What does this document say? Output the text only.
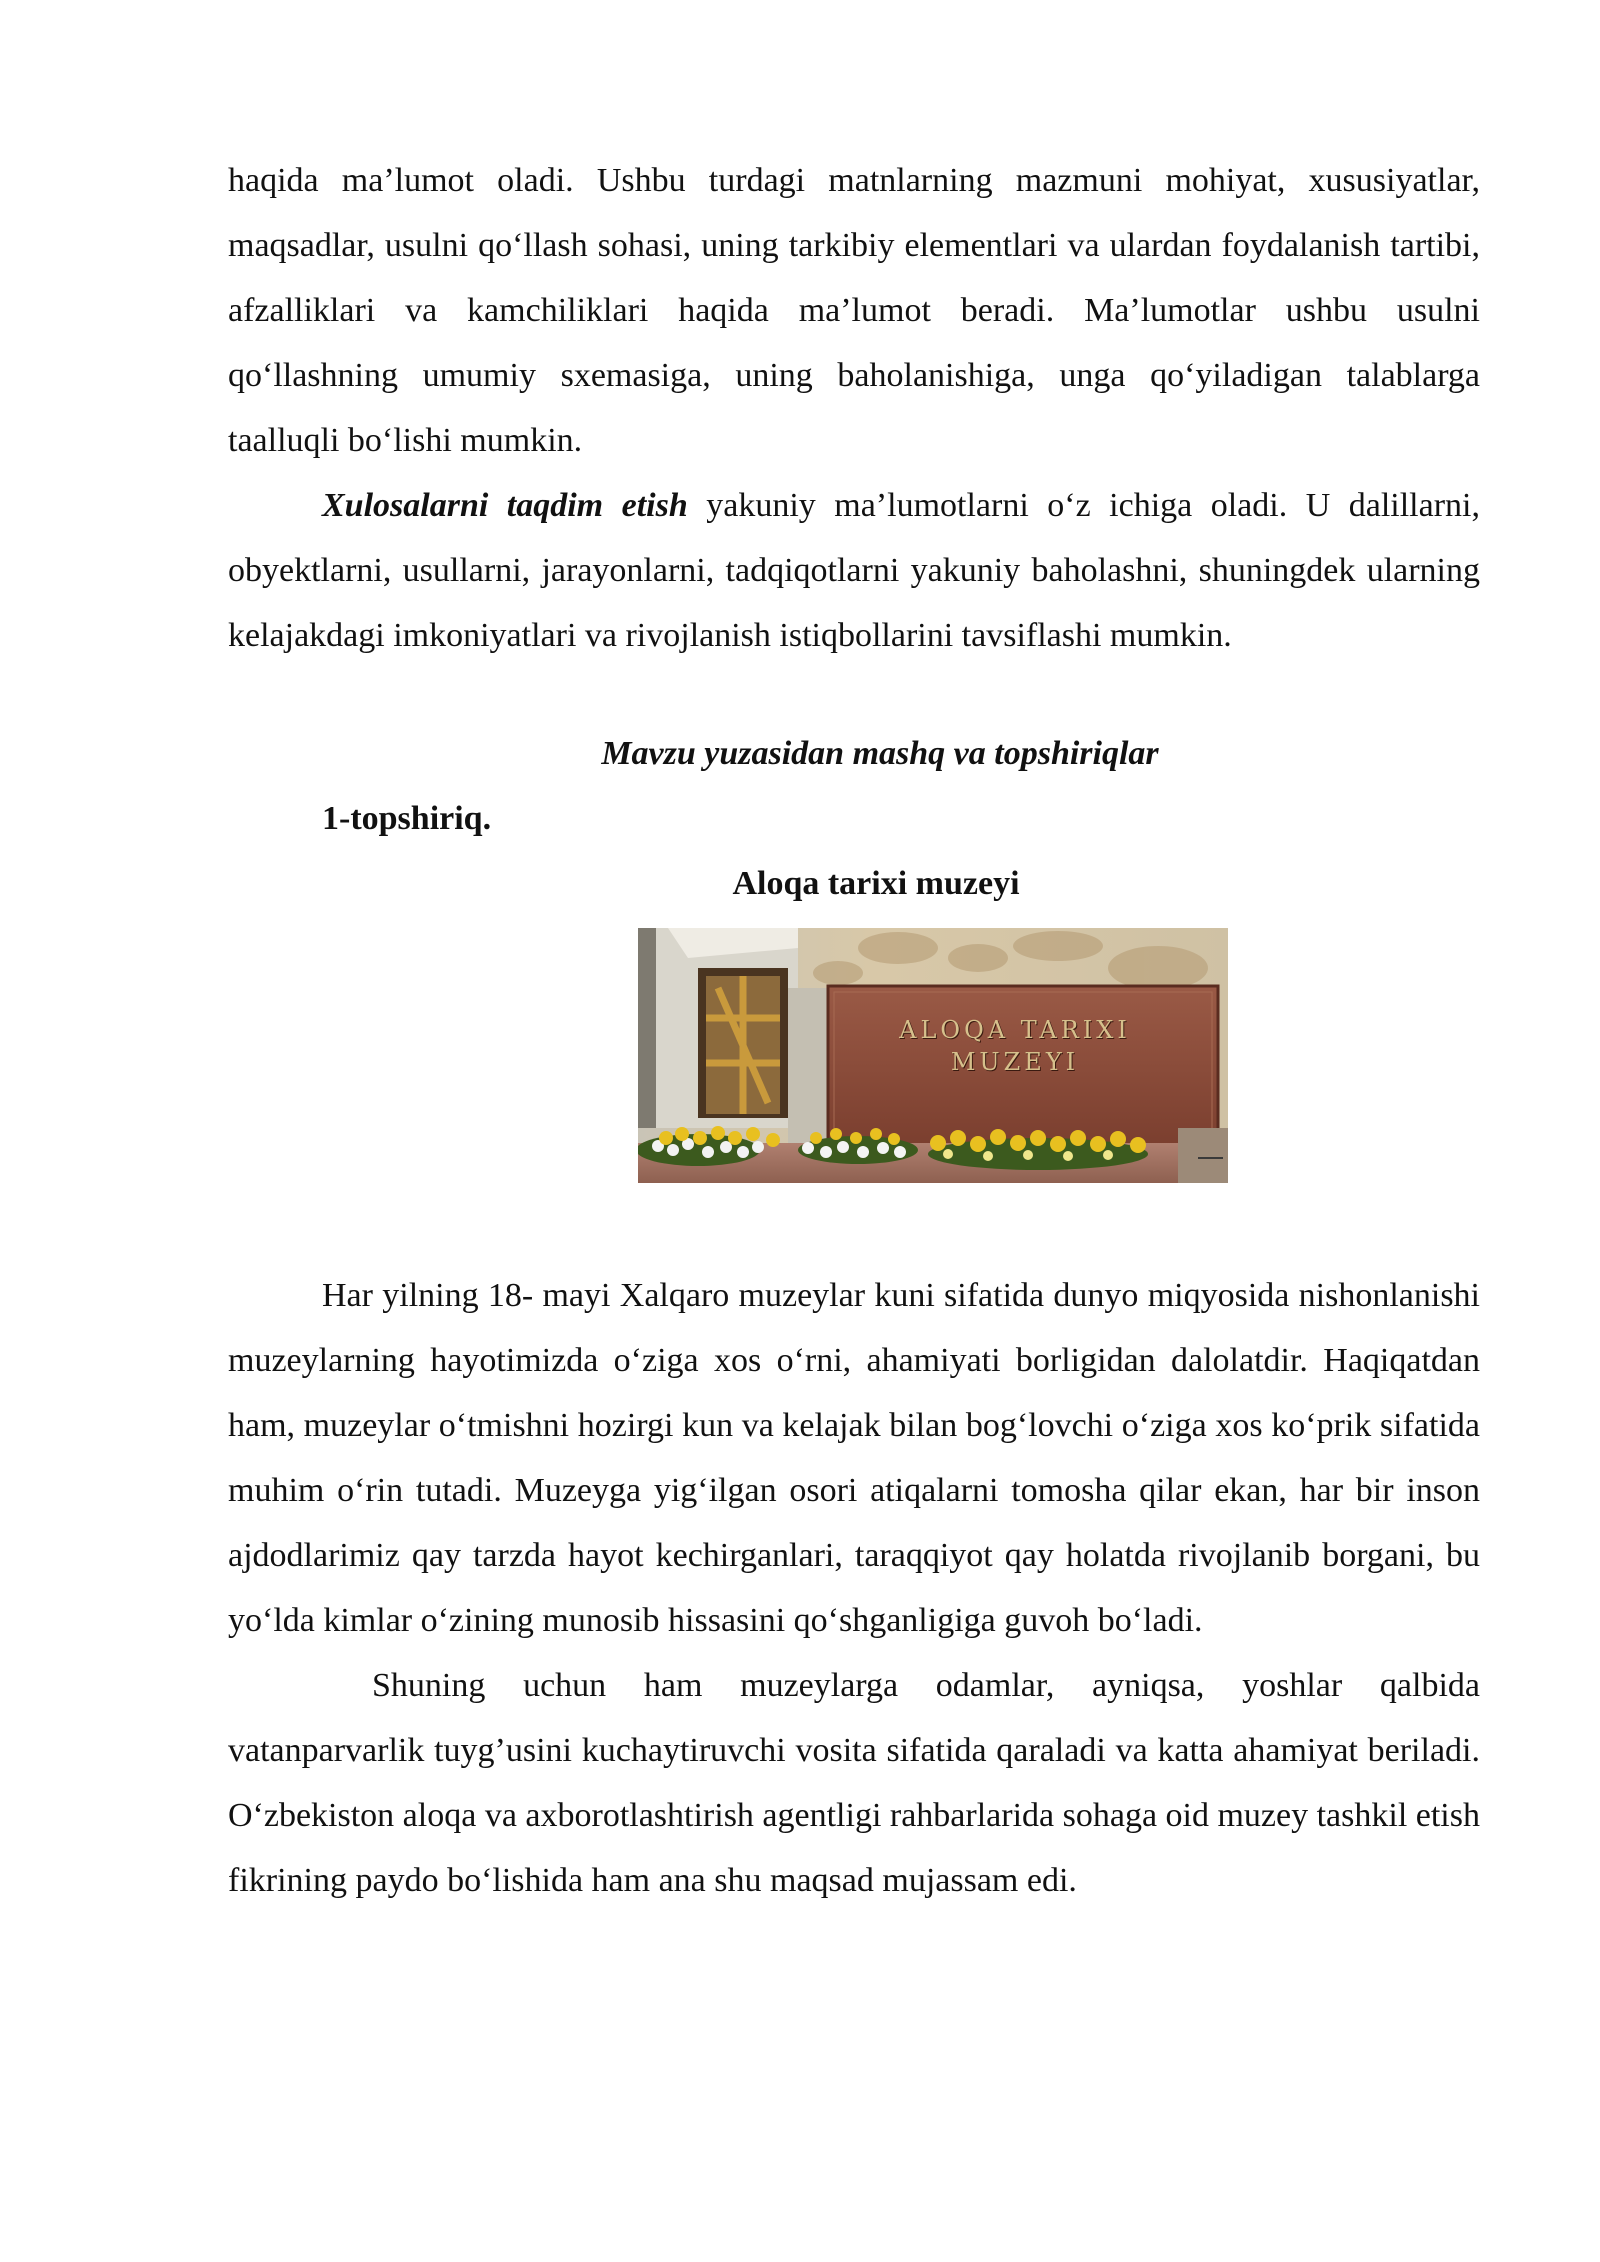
haqida ma’lumot oladi. Ushbu turdagi matnlarning mazmuni mohiyat, xususiyatlar, maqsadlar, usulni qo‘llash sohasi, uning tarkibiy elementlari va ulardan foydalanish tartibi, afzalliklari va kamchiliklari haqida ma’lumot beradi. Ma’lumotlar ushbu usulni qo‘llashning umumiy sxemasiga, uning baholanishiga, unga qo‘yiladigan talablarga taalluqli bo‘lishi mumkin.

Xulosalarni taqdim etish yakuniy ma’lumotlarni o‘z ichiga oladi. U dalillarni, obyektlarni, usullarni, jarayonlarni, tadqiqotlarni yakuniy baholashni, shuningdek ularning kelajakdagi imkoniyatlari va rivojlanish istiqbollarini tavsiflashi mumkin.

Mavzu yuzasidan mashq va topshiriqlar
1-topshiriq.
Aloqa tarixi muzeyi
ALOQA TARIXI
MUZEYI

Har yilning 18- mayi Xalqaro muzeylar kuni sifatida dunyo miqyosida nishonlanishi muzeylarning hayotimizda o‘ziga xos o‘rni, ahamiyati borligidan dalolatdir. Haqiqatdan ham, muzeylar o‘tmishni hozirgi kun va kelajak bilan bog‘lovchi o‘ziga xos ko‘prik sifatida muhim o‘rin tutadi. Muzeyga yig‘ilgan osori atiqalarni tomosha qilar ekan, har bir inson ajdodlarimiz qay tarzda hayot kechirganlari, taraqqiyot qay holatda rivojlanib borgani, bu yo‘lda kimlar o‘zining munosib hissasini qo‘shganligiga guvoh bo‘ladi.

Shuning uchun ham muzeylarga odamlar, ayniqsa, yoshlar qalbida vatanparvarlik tuyg’usini kuchaytiruvchi vosita sifatida qaraladi va katta ahamiyat beriladi. O‘zbekiston aloqa va axborotlashtirish agentligi rahbarlarida sohaga oid muzey tashkil etish fikrining paydo bo‘lishida ham ana shu maqsad mujassam edi.
